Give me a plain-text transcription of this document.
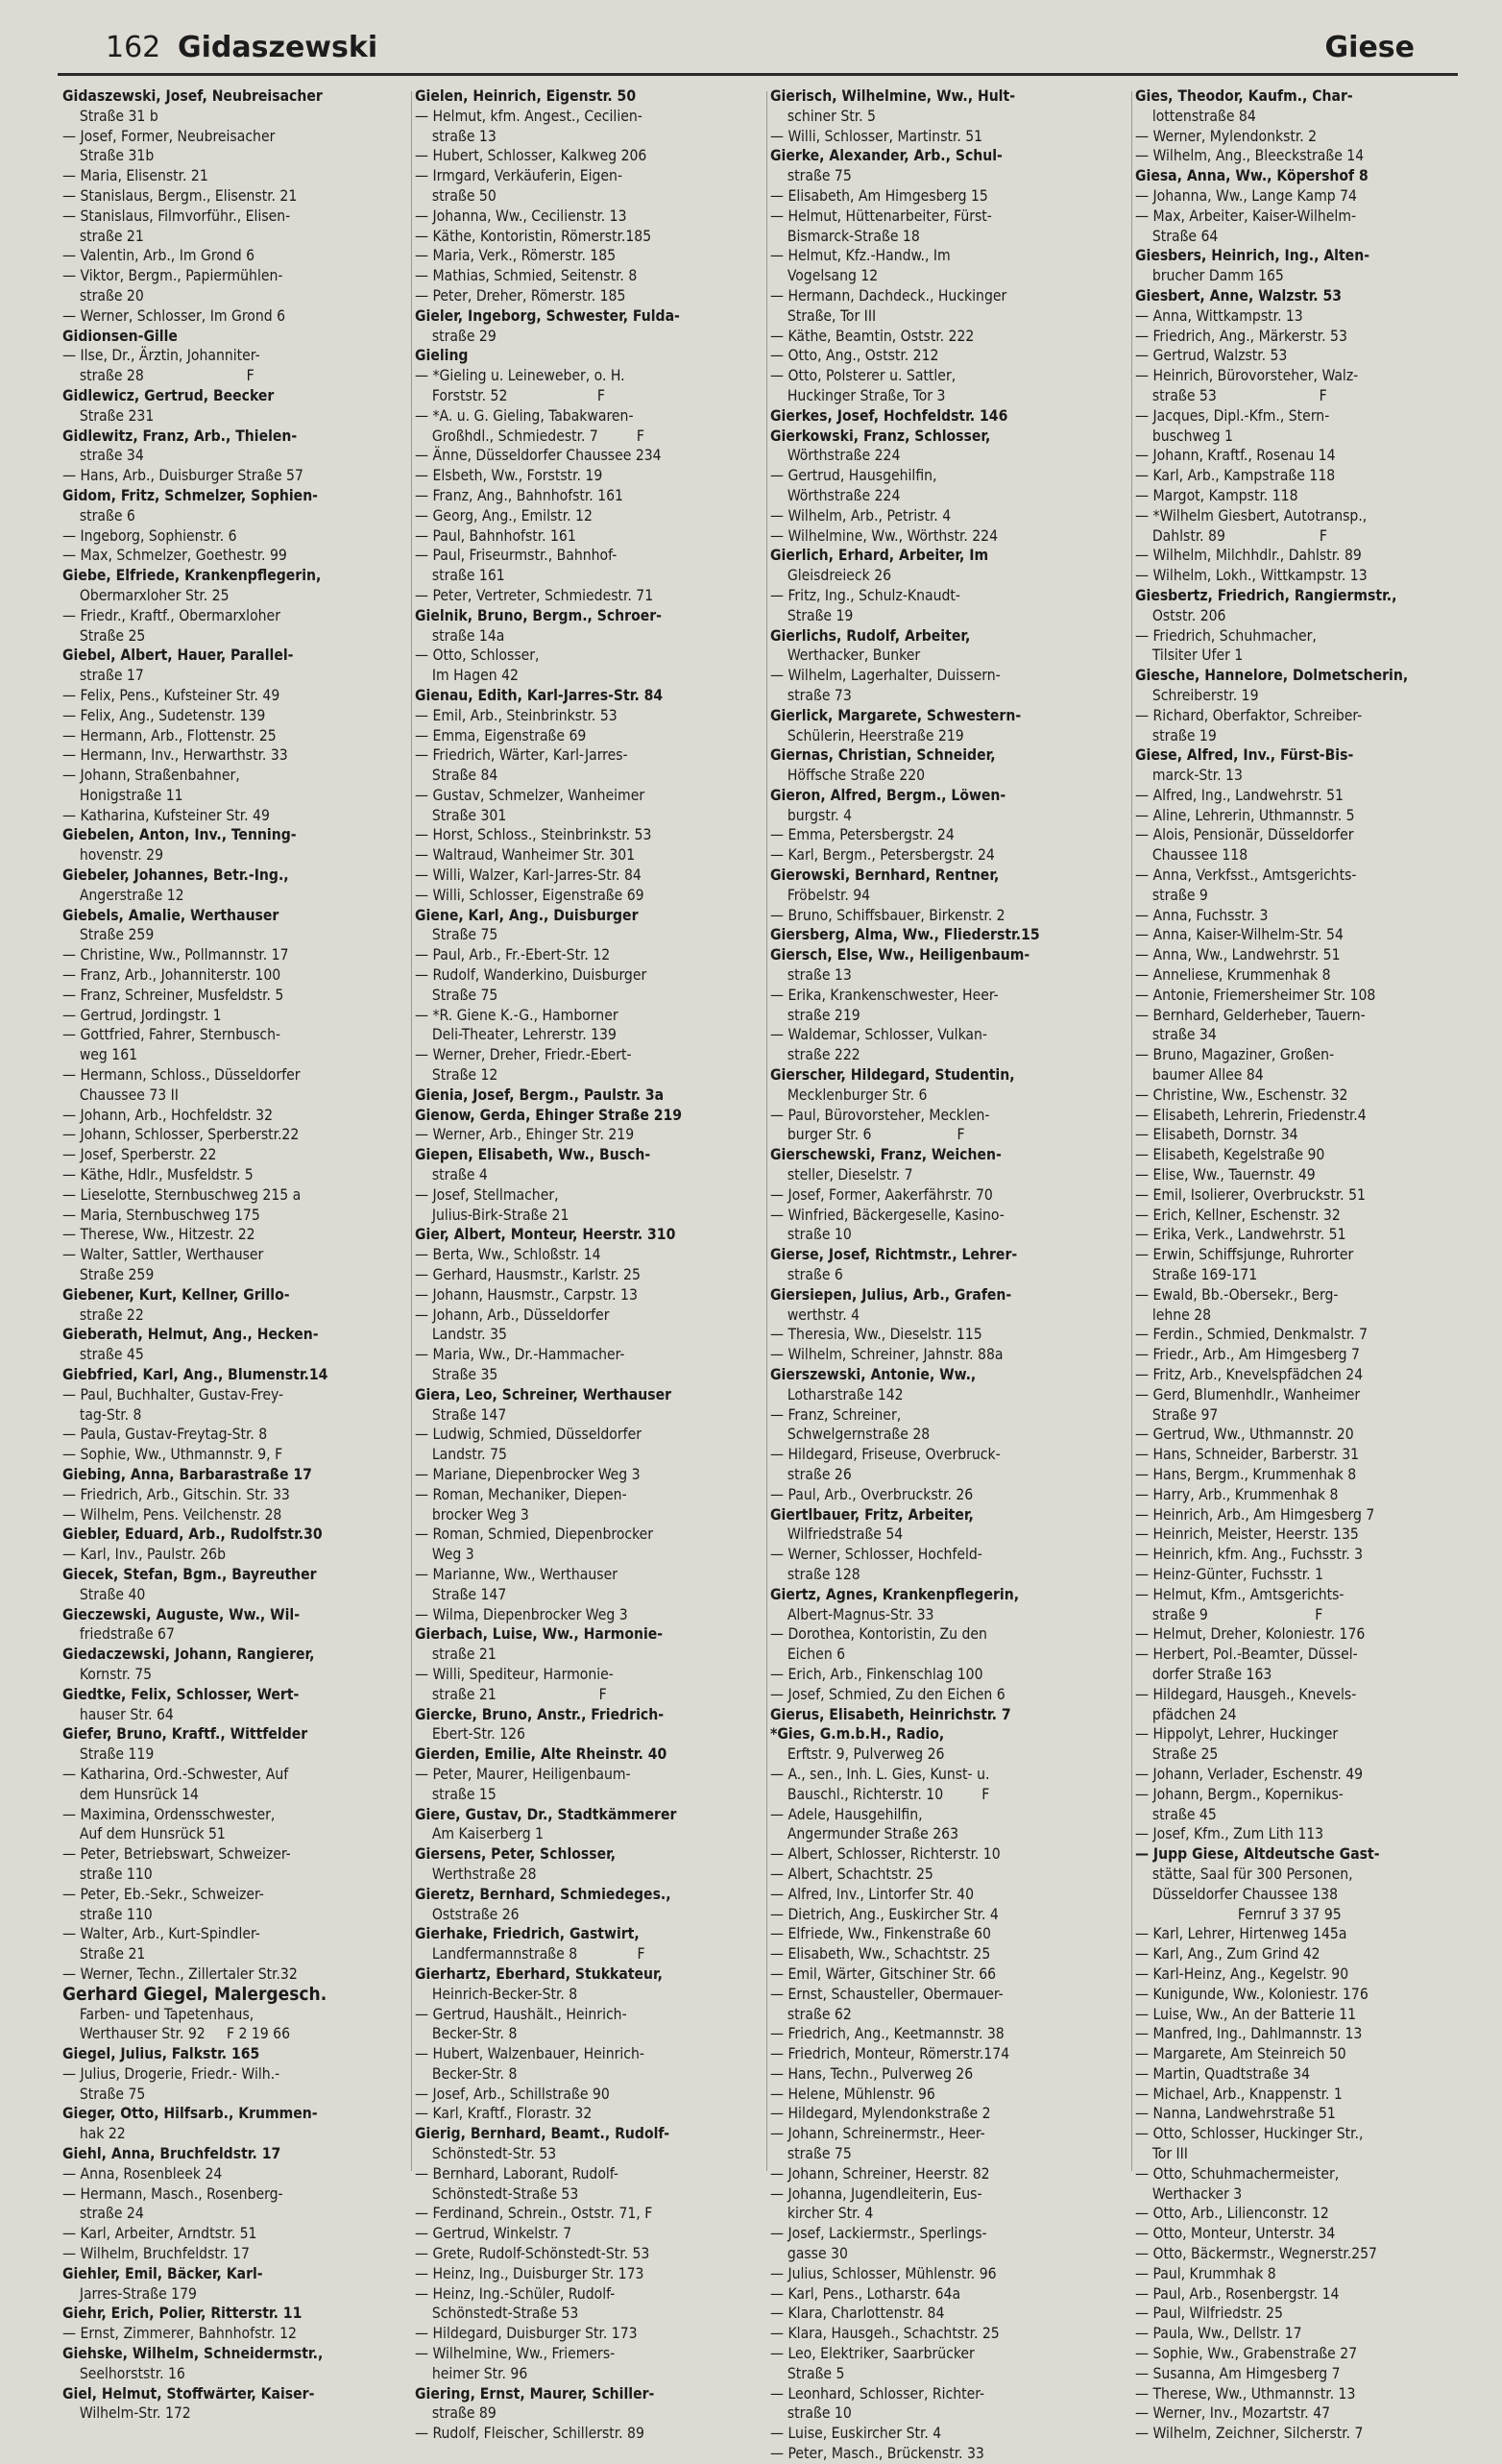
162 Gidaszewski	Giese
Gidaszewski, Josef, Neubreisacher
Straße 31 b
— Josef, Former, Neubreisacher
Straße 31b
— Maria, Elisenstr. 21
— Stanislaus, Bergm., Elisenstr. 21
— Stanislaus, Filmvorführ., Elisen-
straße 21
— Valentin, Arb., Im Grond 6
— Viktor, Bergm., Papiermühlen-
straße 20
— Werner, Schlosser, Im Grond 6
Gidionsen-Gille
— Ilse, Dr., Ärztin, Johanniter-
straße 28                        F
Gidlewicz, Gertrud, Beecker
Straße 231
Gidlewitz, Franz, Arb., Thielen-
straße 34
— Hans, Arb., Duisburger Straße 57
Gidom, Fritz, Schmelzer, Sophien-
straße 6
— Ingeborg, Sophienstr. 6
— Max, Schmelzer, Goethestr. 99
Giebe, Elfriede, Krankenpflegerin,
Obermarxloher Str. 25
— Friedr., Kraftf., Obermarxloher
Straße 25
Giebel, Albert, Hauer, Parallel-
straße 17
— Felix, Pens., Kufsteiner Str. 49
— Felix, Ang., Sudetenstr. 139
— Hermann, Arb., Flottenstr. 25
— Hermann, Inv., Herwarthstr. 33
— Johann, Straßenbahner,
Honigstraße 11
— Katharina, Kufsteiner Str. 49
Giebelen, Anton, Inv., Tenning-
hovenstr. 29
Giebeler, Johannes, Betr.-Ing.,
Angerstraße 12
Giebels, Amalie, Werthauser
Straße 259
— Christine, Ww., Pollmannstr. 17
— Franz, Arb., Johanniterstr. 100
— Franz, Schreiner, Musfeldstr. 5
— Gertrud, Jordingstr. 1
— Gottfried, Fahrer, Sternbusch-
weg 161
— Hermann, Schloss., Düsseldorfer
Chaussee 73 II
— Johann, Arb., Hochfeldstr. 32
— Johann, Schlosser, Sperberstr.22
— Josef, Sperberstr. 22
— Käthe, Hdlr., Musfeldstr. 5
— Lieselotte, Sternbuschweg 215 a
— Maria, Sternbuschweg 175
— Therese, Ww., Hitzestr. 22
— Walter, Sattler, Werthauser
Straße 259
Giebener, Kurt, Kellner, Grillo-
straße 22
Gieberath, Helmut, Ang., Hecken-
straße 45
Giebfried, Karl, Ang., Blumenstr.14
— Paul, Buchhalter, Gustav-Frey-
tag-Str. 8
— Paula, Gustav-Freytag-Str. 8
— Sophie, Ww., Uthmannstr. 9, F
Giebing, Anna, Barbarastraße 17
— Friedrich, Arb., Gitschin. Str. 33
— Wilhelm, Pens. Veilchenstr. 28
Giebler, Eduard, Arb., Rudolfstr.30
— Karl, Inv., Paulstr. 26b
Giecek, Stefan, Bgm., Bayreuther
Straße 40
Gieczewski, Auguste, Ww., Wil-
friedstraße 67
Giedaczewski, Johann, Rangierer,
Kornstr. 75
Giedtke, Felix, Schlosser, Wert-
hauser Str. 64
Giefer, Bruno, Kraftf., Wittfelder
Straße 119
— Katharina, Ord.-Schwester, Auf
dem Hunsrück 14
— Maximina, Ordensschwester,
Auf dem Hunsrück 51
— Peter, Betriebswart, Schweizer-
straße 110
— Peter, Eb.-Sekr., Schweizer-
straße 110
— Walter, Arb., Kurt-Spindler-
Straße 21
— Werner, Techn., Zillertaler Str.32
Gerhard Giegel, Malergesch.
Farben- und Tapetenhaus,
Werthauser Str. 92     F 2 19 66
Giegel, Julius, Falkstr. 165
— Julius, Drogerie, Friedr.- Wilh.-
Straße 75
Gieger, Otto, Hilfsarb., Krummen-
hak 22
Giehl, Anna, Bruchfeldstr. 17
— Anna, Rosenbleek 24
— Hermann, Masch., Rosenberg-
straße 24
— Karl, Arbeiter, Arndtstr. 51
— Wilhelm, Bruchfeldstr. 17
Giehler, Emil, Bäcker, Karl-
Jarres-Straße 179
Giehr, Erich, Polier, Ritterstr. 11
— Ernst, Zimmerer, Bahnhofstr. 12
Giehske, Wilhelm, Schneidermstr.,
Seelhorststr. 16
Giel, Helmut, Stoffwärter, Kaiser-
Wilhelm-Str. 172
Gielen, Heinrich, Eigenstr. 50
— Helmut, kfm. Angest., Cecilien-
straße 13
— Hubert, Schlosser, Kalkweg 206
— Irmgard, Verkäuferin, Eigen-
straße 50
— Johanna, Ww., Cecilienstr. 13
— Käthe, Kontoristin, Römerstr.185
— Maria, Verk., Römerstr. 185
— Mathias, Schmied, Seitenstr. 8
— Peter, Dreher, Römerstr. 185
Gieler, Ingeborg, Schwester, Fulda-
straße 29
Gieling
— *Gieling u. Leineweber, o. H.
Forststr. 52                     F
— *A. u. G. Gieling, Tabakwaren-
Großhdl., Schmiedestr. 7         F
— Änne, Düsseldorfer Chaussee 234
— Elsbeth, Ww., Forststr. 19
— Franz, Ang., Bahnhofstr. 161
— Georg, Ang., Emilstr. 12
— Paul, Bahnhofstr. 161
— Paul, Friseurmstr., Bahnhof-
straße 161
— Peter, Vertreter, Schmiedestr. 71
Gielnik, Bruno, Bergm., Schroer-
straße 14a
— Otto, Schlosser,
Im Hagen 42
Gienau, Edith, Karl-Jarres-Str. 84
— Emil, Arb., Steinbrinkstr. 53
— Emma, Eigenstraße 69
— Friedrich, Wärter, Karl-Jarres-
Straße 84
— Gustav, Schmelzer, Wanheimer
Straße 301
— Horst, Schloss., Steinbrinkstr. 53
— Waltraud, Wanheimer Str. 301
— Willi, Walzer, Karl-Jarres-Str. 84
— Willi, Schlosser, Eigenstraße 69
Giene, Karl, Ang., Duisburger
Straße 75
— Paul, Arb., Fr.-Ebert-Str. 12
— Rudolf, Wanderkino, Duisburger
Straße 75
— *R. Giene K.-G., Hamborner
Deli-Theater, Lehrerstr. 139
— Werner, Dreher, Friedr.-Ebert-
Straße 12
Gienia, Josef, Bergm., Paulstr. 3a
Gienow, Gerda, Ehinger Straße 219
— Werner, Arb., Ehinger Str. 219
Giepen, Elisabeth, Ww., Busch-
straße 4
— Josef, Stellmacher,
Julius-Birk-Straße 21
Gier, Albert, Monteur, Heerstr. 310
— Berta, Ww., Schloßstr. 14
— Gerhard, Hausmstr., Karlstr. 25
— Johann, Hausmstr., Carpstr. 13
— Johann, Arb., Düsseldorfer
Landstr. 35
— Maria, Ww., Dr.-Hammacher-
Straße 35
Giera, Leo, Schreiner, Werthauser
Straße 147
— Ludwig, Schmied, Düsseldorfer
Landstr. 75
— Mariane, Diepenbrocker Weg 3
— Roman, Mechaniker, Diepen-
brocker Weg 3
— Roman, Schmied, Diepenbrocker
Weg 3
— Marianne, Ww., Werthauser
Straße 147
— Wilma, Diepenbrocker Weg 3
Gierbach, Luise, Ww., Harmonie-
straße 21
— Willi, Spediteur, Harmonie-
straße 21                        F
Giercke, Bruno, Anstr., Friedrich-
Ebert-Str. 126
Gierden, Emilie, Alte Rheinstr. 40
— Peter, Maurer, Heiligenbaum-
straße 15
Giere, Gustav, Dr., Stadtkämmerer
Am Kaiserberg 1
Giersens, Peter, Schlosser,
Werthstraße 28
Gieretz, Bernhard, Schmiedeges.,
Oststraße 26
Gierhake, Friedrich, Gastwirt,
Landfermannstraße 8              F
Gierhartz, Eberhard, Stukkateur,
Heinrich-Becker-Str. 8
— Gertrud, Haushält., Heinrich-
Becker-Str. 8
— Hubert, Walzenbauer, Heinrich-
Becker-Str. 8
— Josef, Arb., Schillstraße 90
— Karl, Kraftf., Florastr. 32
Gierig, Bernhard, Beamt., Rudolf-
Schönstedt-Str. 53
— Bernhard, Laborant, Rudolf-
Schönstedt-Straße 53
— Ferdinand, Schrein., Oststr. 71, F
— Gertrud, Winkelstr. 7
— Grete, Rudolf-Schönstedt-Str. 53
— Heinz, Ing., Duisburger Str. 173
— Heinz, Ing.-Schüler, Rudolf-
Schönstedt-Straße 53
— Hildegard, Duisburger Str. 173
— Wilhelmine, Ww., Friemers-
heimer Str. 96
Giering, Ernst, Maurer, Schiller-
straße 89
— Rudolf, Fleischer, Schillerstr. 89
Gierisch, Wilhelmine, Ww., Hult-
schiner Str. 5
— Willi, Schlosser, Martinstr. 51
Gierke, Alexander, Arb., Schul-
straße 75
— Elisabeth, Am Himgesberg 15
— Helmut, Hüttenarbeiter, Fürst-
Bismarck-Straße 18
— Helmut, Kfz.-Handw., Im
Vogelsang 12
— Hermann, Dachdeck., Huckinger
Straße, Tor III
— Käthe, Beamtin, Oststr. 222
— Otto, Ang., Oststr. 212
— Otto, Polsterer u. Sattler,
Huckinger Straße, Tor 3
Gierkes, Josef, Hochfeldstr. 146
Gierkowski, Franz, Schlosser,
Wörthstraße 224
— Gertrud, Hausgehilfin,
Wörthstraße 224
— Wilhelm, Arb., Petristr. 4
— Wilhelmine, Ww., Wörthstr. 224
Gierlich, Erhard, Arbeiter, Im
Gleisdreieck 26
— Fritz, Ing., Schulz-Knaudt-
Straße 19
Gierlichs, Rudolf, Arbeiter,
Werthacker, Bunker
— Wilhelm, Lagerhalter, Duissern-
straße 73
Gierlick, Margarete, Schwestern-
Schülerin, Heerstraße 219
Giernas, Christian, Schneider,
Höffsche Straße 220
Gieron, Alfred, Bergm., Löwen-
burgstr. 4
— Emma, Petersbergstr. 24
— Karl, Bergm., Petersbergstr. 24
Gierowski, Bernhard, Rentner,
Fröbelstr. 94
— Bruno, Schiffsbauer, Birkenstr. 2
Giersberg, Alma, Ww., Fliederstr.15
Giersch, Else, Ww., Heiligenbaum-
straße 13
— Erika, Krankenschwester, Heer-
straße 219
— Waldemar, Schlosser, Vulkan-
straße 222
Gierscher, Hildegard, Studentin,
Mecklenburger Str. 6
— Paul, Bürovorsteher, Mecklen-
burger Str. 6                    F
Gierschewski, Franz, Weichen-
steller, Dieselstr. 7
— Josef, Former, Aakerfährstr. 70
— Winfried, Bäckergeselle, Kasino-
straße 10
Gierse, Josef, Richtmstr., Lehrer-
straße 6
Giersiepen, Julius, Arb., Grafen-
werthstr. 4
— Theresia, Ww., Dieselstr. 115
— Wilhelm, Schreiner, Jahnstr. 88a
Gierszewski, Antonie, Ww.,
Lotharstraße 142
— Franz, Schreiner,
Schwelgernstraße 28
— Hildegard, Friseuse, Overbruck-
straße 26
— Paul, Arb., Overbruckstr. 26
Giertlbauer, Fritz, Arbeiter,
Wilfriedstraße 54
— Werner, Schlosser, Hochfeld-
straße 128
Giertz, Agnes, Krankenpflegerin,
Albert-Magnus-Str. 33
— Dorothea, Kontoristin, Zu den
Eichen 6
— Erich, Arb., Finkenschlag 100
— Josef, Schmied, Zu den Eichen 6
Gierus, Elisabeth, Heinrichstr. 7
*Gies, G.m.b.H., Radio,
Erftstr. 9, Pulverweg 26
— A., sen., Inh. L. Gies, Kunst- u.
Bauschl., Richterstr. 10         F
— Adele, Hausgehilfin,
Angermunder Straße 263
— Albert, Schlosser, Richterstr. 10
— Albert, Schachtstr. 25
— Alfred, Inv., Lintorfer Str. 40
— Dietrich, Ang., Euskircher Str. 4
— Elfriede, Ww., Finkenstraße 60
— Elisabeth, Ww., Schachtstr. 25
— Emil, Wärter, Gitschiner Str. 66
— Ernst, Schausteller, Obermauer-
straße 62
— Friedrich, Ang., Keetmannstr. 38
— Friedrich, Monteur, Römerstr.174
— Hans, Techn., Pulverweg 26
— Helene, Mühlenstr. 96
— Hildegard, Mylendonkstraße 2
— Johann, Schreinermstr., Heer-
straße 75
— Johann, Schreiner, Heerstr. 82
— Johanna, Jugendleiterin, Eus-
kircher Str. 4
— Josef, Lackiermstr., Sperlings-
gasse 30
— Julius, Schlosser, Mühlenstr. 96
— Karl, Pens., Lotharstr. 64a
— Klara, Charlottenstr. 84
— Klara, Hausgeh., Schachtstr. 25
— Leo, Elektriker, Saarbrücker
Straße 5
— Leonhard, Schlosser, Richter-
straße 10
— Luise, Euskircher Str. 4
— Peter, Masch., Brückenstr. 33
Gies, Theodor, Kaufm., Char-
lottenstraße 84
— Werner, Mylendonkstr. 2
— Wilhelm, Ang., Bleeckstraße 14
Giesa, Anna, Ww., Köpershof 8
— Johanna, Ww., Lange Kamp 74
— Max, Arbeiter, Kaiser-Wilhelm-
Straße 64
Giesbers, Heinrich, Ing., Alten-
brucher Damm 165
Giesbert, Anne, Walzstr. 53
— Anna, Wittkampstr. 13
— Friedrich, Ang., Märkerstr. 53
— Gertrud, Walzstr. 53
— Heinrich, Bürovorsteher, Walz-
straße 53                        F
— Jacques, Dipl.-Kfm., Stern-
buschweg 1
— Johann, Kraftf., Rosenau 14
— Karl, Arb., Kampstraße 118
— Margot, Kampstr. 118
— *Wilhelm Giesbert, Autotransp.,
Dahlstr. 89                      F
— Wilhelm, Milchhdlr., Dahlstr. 89
— Wilhelm, Lokh., Wittkampstr. 13
Giesbertz, Friedrich, Rangiermstr.,
Oststr. 206
— Friedrich, Schuhmacher,
Tilsiter Ufer 1
Giesche, Hannelore, Dolmetscherin,
Schreiberstr. 19
— Richard, Oberfaktor, Schreiber-
straße 19
Giese, Alfred, Inv., Fürst-Bis-
marck-Str. 13
— Alfred, Ing., Landwehrstr. 51
— Aline, Lehrerin, Uthmannstr. 5
— Alois, Pensionär, Düsseldorfer
Chaussee 118
— Anna, Verkfsst., Amtsgerichts-
straße 9
— Anna, Fuchsstr. 3
— Anna, Kaiser-Wilhelm-Str. 54
— Anna, Ww., Landwehrstr. 51
— Anneliese, Krummenhak 8
— Antonie, Friemersheimer Str. 108
— Bernhard, Gelderheber, Tauern-
straße 34
— Bruno, Magaziner, Großen-
baumer Allee 84
— Christine, Ww., Eschenstr. 32
— Elisabeth, Lehrerin, Friedenstr.4
— Elisabeth, Dornstr. 34
— Elisabeth, Kegelstraße 90
— Elise, Ww., Tauernstr. 49
— Emil, Isolierer, Overbruckstr. 51
— Erich, Kellner, Eschenstr. 32
— Erika, Verk., Landwehrstr. 51
— Erwin, Schiffsjunge, Ruhrorter
Straße 169-171
— Ewald, Bb.-Obersekr., Berg-
lehne 28
— Ferdin., Schmied, Denkmalstr. 7
— Friedr., Arb., Am Himgesberg 7
— Fritz, Arb., Knevelspfädchen 24
— Gerd, Blumenhdlr., Wanheimer
Straße 97
— Gertrud, Ww., Uthmannstr. 20
— Hans, Schneider, Barberstr. 31
— Hans, Bergm., Krummenhak 8
— Harry, Arb., Krummenhak 8
— Heinrich, Arb., Am Himgesberg 7
— Heinrich, Meister, Heerstr. 135
— Heinrich, kfm. Ang., Fuchsstr. 3
— Heinz-Günter, Fuchsstr. 1
— Helmut, Kfm., Amtsgerichts-
straße 9                         F
— Helmut, Dreher, Koloniestr. 176
— Herbert, Pol.-Beamter, Düssel-
dorfer Straße 163
— Hildegard, Hausgeh., Knevels-
pfädchen 24
— Hippolyt, Lehrer, Huckinger
Straße 25
— Johann, Verlader, Eschenstr. 49
— Johann, Bergm., Kopernikus-
straße 45
— Josef, Kfm., Zum Lith 113
— Jupp Giese, Altdeutsche Gast-
stätte, Saal für 300 Personen,
Düsseldorfer Chaussee 138
Fernruf 3 37 95
— Karl, Lehrer, Hirtenweg 145a
— Karl, Ang., Zum Grind 42
— Karl-Heinz, Ang., Kegelstr. 90
— Kunigunde, Ww., Koloniestr. 176
— Luise, Ww., An der Batterie 11
— Manfred, Ing., Dahlmannstr. 13
— Margarete, Am Steinreich 50
— Martin, Quadtstraße 34
— Michael, Arb., Knappenstr. 1
— Nanna, Landwehrstraße 51
— Otto, Schlosser, Huckinger Str.,
Tor III
— Otto, Schuhmachermeister,
Werthacker 3
— Otto, Arb., Lilienconstr. 12
— Otto, Monteur, Unterstr. 34
— Otto, Bäckermstr., Wegnerstr.257
— Paul, Krummhak 8
— Paul, Arb., Rosenbergstr. 14
— Paul, Wilfriedstr. 25
— Paula, Ww., Dellstr. 17
— Sophie, Ww., Grabenstraße 27
— Susanna, Am Himgesberg 7
— Therese, Ww., Uthmannstr. 13
— Werner, Inv., Mozartstr. 47
— Wilhelm, Zeichner, Silcherstr. 7
